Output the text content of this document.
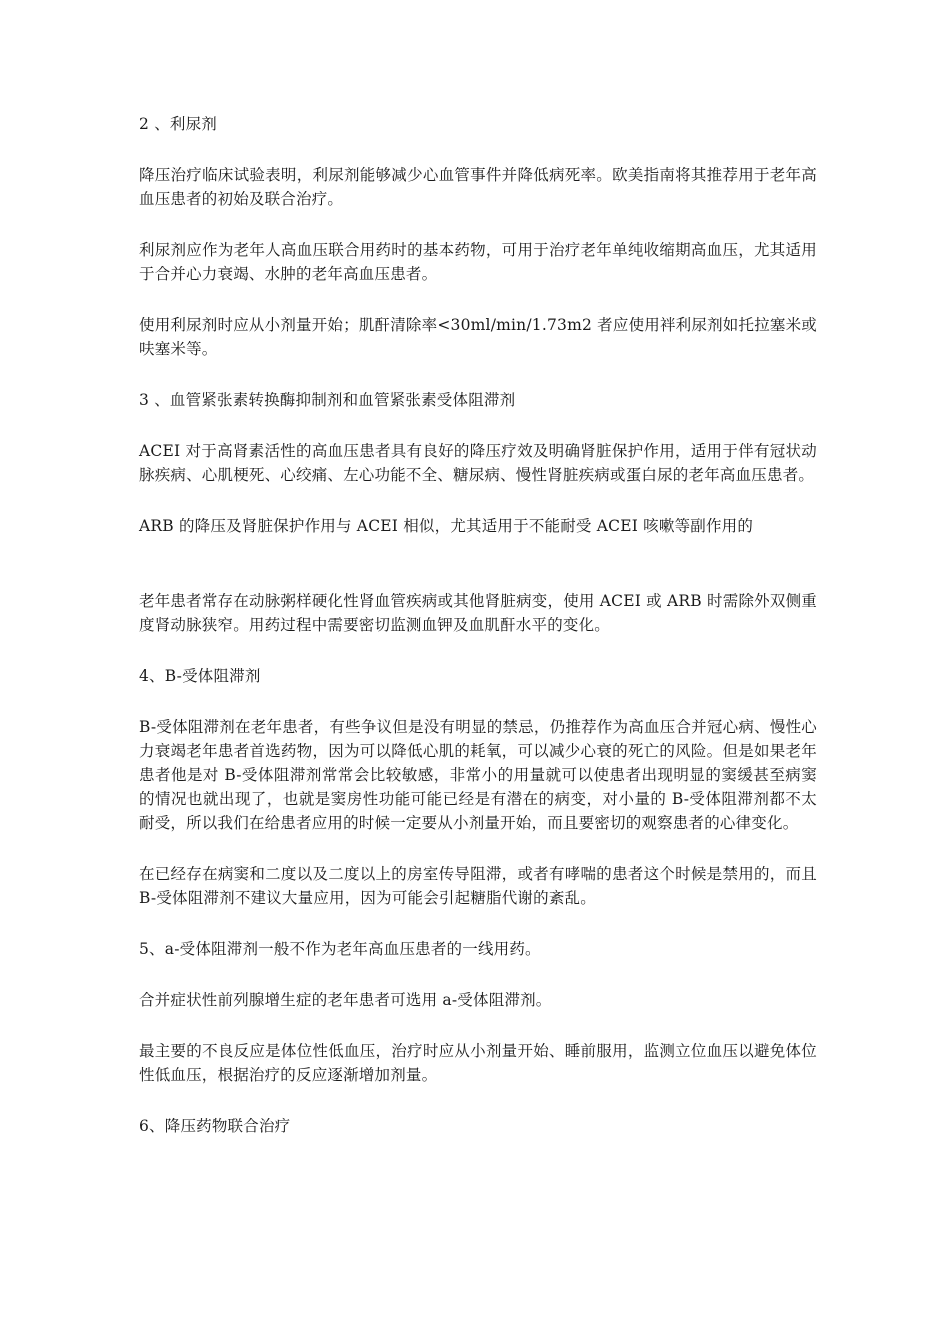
2 、利尿剂

降压治疗临床试验表明，利尿剂能够减少心血管事件并降低病死率。欧美指南将其推荐用于老年高血压患者的初始及联合治疗。

利尿剂应作为老年人高血压联合用药时的基本药物，可用于治疗老年单纯收缩期高血压，尤其适用于合并心力衰竭、水肿的老年高血压患者。

使用利尿剂时应从小剂量开始；肌酐清除率<30ml/min/1.73m2 者应使用袢利尿剂如托拉塞米或呋塞米等。

3 、血管紧张素转换酶抑制剂和血管紧张素受体阻滞剂

ACEI 对于高肾素活性的高血压患者具有良好的降压疗效及明确肾脏保护作用，适用于伴有冠状动脉疾病、心肌梗死、心绞痛、左心功能不全、糖尿病、慢性肾脏疾病或蛋白尿的老年高血压患者。

ARB 的降压及肾脏保护作用与 ACEI 相似，尤其适用于不能耐受 ACEI 咳嗽等副作用的

老年患者常存在动脉粥样硬化性肾血管疾病或其他肾脏病变，使用 ACEI 或 ARB 时需除外双侧重度肾动脉狭窄。用药过程中需要密切监测血钾及血肌酐水平的变化。

4、B-受体阻滞剂

B-受体阻滞剂在老年患者，有些争议但是没有明显的禁忌，仍推荐作为高血压合并冠心病、慢性心力衰竭老年患者首选药物，因为可以降低心肌的耗氧，可以减少心衰的死亡的风险。但是如果老年患者他是对 B-受体阻滞剂常常会比较敏感，非常小的用量就可以使患者出现明显的窦缓甚至病窦的情况也就出现了，也就是窦房性功能可能已经是有潜在的病变，对小量的 B-受体阻滞剂都不太耐受，所以我们在给患者应用的时候一定要从小剂量开始，而且要密切的观察患者的心律变化。

在已经存在病窦和二度以及二度以上的房室传导阻滞，或者有哮喘的患者这个时候是禁用的，而且 B-受体阻滞剂不建议大量应用，因为可能会引起糖脂代谢的紊乱。

5、a-受体阻滞剂一般不作为老年高血压患者的一线用药。

合并症状性前列腺增生症的老年患者可选用 a-受体阻滞剂。

最主要的不良反应是体位性低血压，治疗时应从小剂量开始、睡前服用，监测立位血压以避免体位性低血压，根据治疗的反应逐渐增加剂量。

6、降压药物联合治疗
